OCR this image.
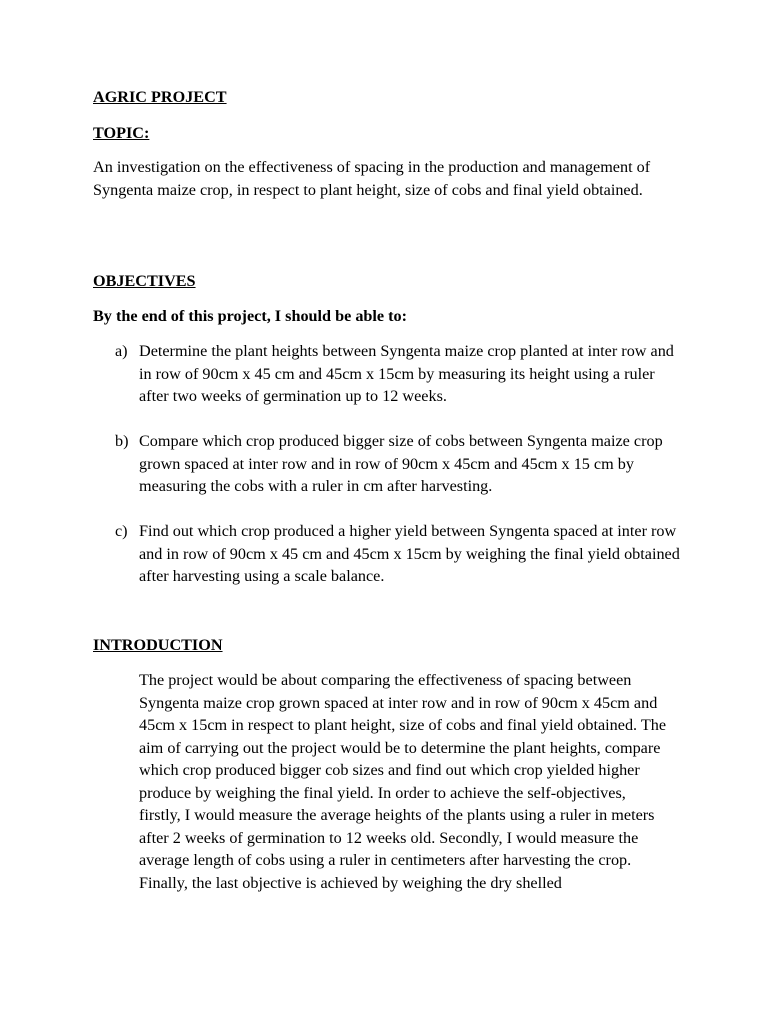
AGRIC PROJECT
TOPIC:
An investigation on the effectiveness of spacing in the production and management of Syngenta maize crop, in respect to plant height, size of cobs and final yield obtained.
OBJECTIVES
By the end of this project, I should be able to:
a) Determine the plant heights between Syngenta maize crop planted at inter row and in row of 90cm x 45 cm and 45cm x 15cm by measuring its height using a ruler after two weeks of germination up to 12 weeks.
b) Compare which crop produced bigger size of cobs between Syngenta maize crop grown spaced at inter row and in row of 90cm x 45cm and 45cm x 15 cm by measuring the cobs with a ruler in cm after harvesting.
c) Find out which crop produced a higher yield between Syngenta spaced at inter row and in row of 90cm x 45 cm and 45cm x 15cm by weighing the final yield obtained after harvesting using a scale balance.
INTRODUCTION
The project would be about comparing the effectiveness of spacing between Syngenta maize crop grown spaced at inter row and in row of 90cm x 45cm and 45cm x 15cm in respect to plant height, size of cobs and final yield obtained. The aim of carrying out the project would be to determine the plant heights, compare which crop produced bigger cob sizes and find out which crop yielded higher produce by weighing the final yield. In order to achieve the self-objectives, firstly, I would measure the average heights of the plants using a ruler in meters after 2 weeks of germination to 12 weeks old. Secondly, I would measure the average length of cobs using a ruler in centimeters after harvesting the crop. Finally, the last objective is achieved by weighing the dry shelled
